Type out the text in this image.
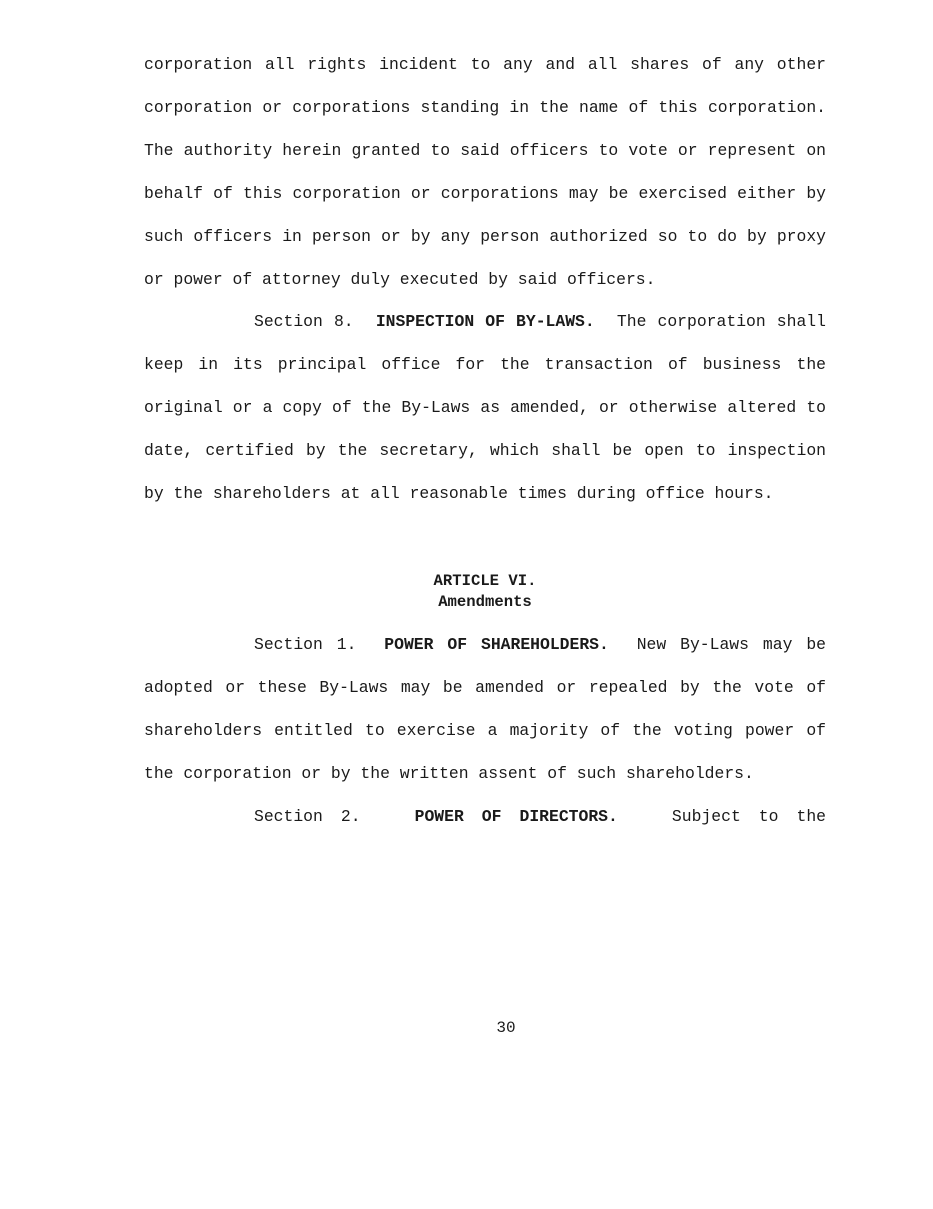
corporation all rights incident to any and all shares of any other corporation or corporations standing in the name of this corporation. The authority herein granted to said officers to vote or represent on behalf of this corporation or corporations may be exercised either by such officers in person or by any person authorized so to do by proxy or power of attorney duly executed by said officers.

Section 8. INSPECTION OF BY-LAWS. The corporation shall keep in its principal office for the transaction of business the original or a copy of the By-Laws as amended, or otherwise altered to date, certified by the secretary, which shall be open to inspection by the shareholders at all reasonable times during office hours.

ARTICLE VI.
Amendments

Section 1. POWER OF SHAREHOLDERS. New By-Laws may be adopted or these By-Laws may be amended or repealed by the vote of shareholders entitled to exercise a majority of the voting power of the corporation or by the written assent of such shareholders.

Section 2.	POWER OF DIRECTORS.	Subject to the

30
